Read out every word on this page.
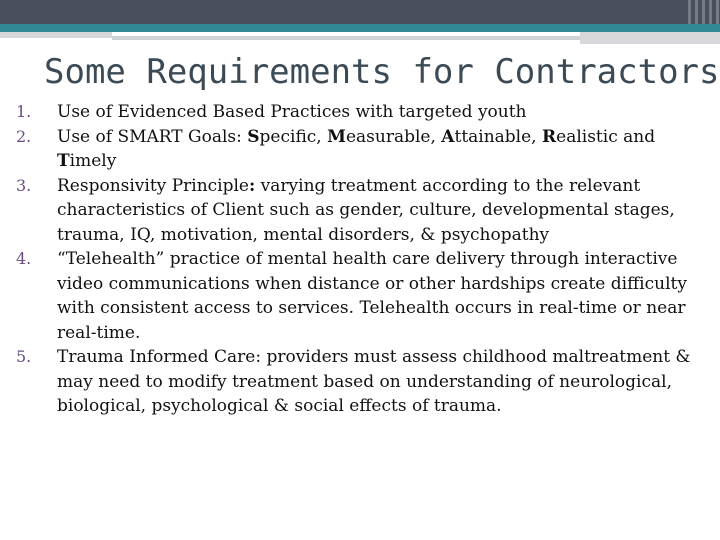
Some Requirements for Contractors
1. Use of Evidenced Based Practices with targeted youth
2. Use of SMART Goals: Specific, Measurable, Attainable, Realistic and Timely
3. Responsivity Principle: varying treatment according to the relevant characteristics of Client such as gender, culture, developmental stages, trauma, IQ, motivation, mental disorders, & psychopathy
4. “Telehealth” practice of mental health care delivery through interactive video communications when distance or other hardships create difficulty with consistent access to services. Telehealth occurs in real-time or near real-time.
5. Trauma Informed Care: providers must assess childhood maltreatment & may need to modify treatment based on understanding of neurological, biological, psychological & social effects of trauma.
